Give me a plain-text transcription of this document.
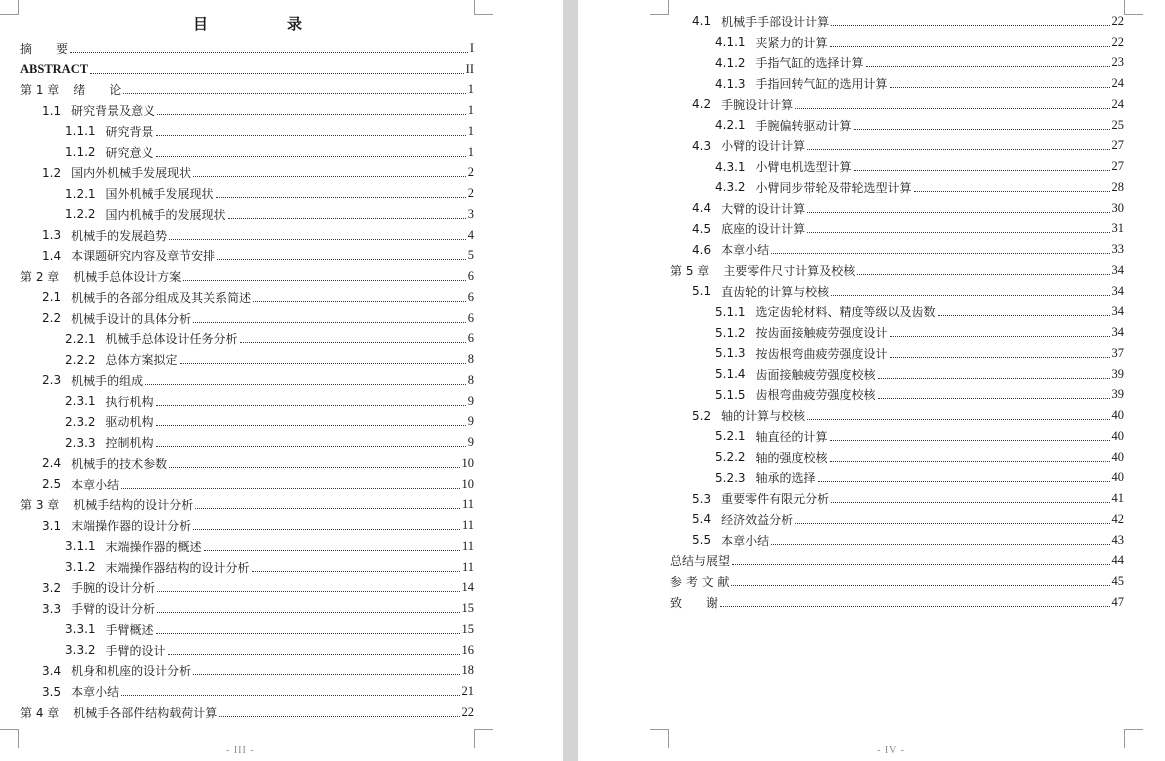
目　录
摘　　要	I
ABSTRACT	II
第 1 章 绪　　论	1
1.1 研究背景及意义	1
1.1.1 研究背景	1
1.1.2 研究意义	1
1.2 国内外机械手发展现状	2
1.2.1 国外机械手发展现状	2
1.2.2 国内机械手的发展现状	3
1.3 机械手的发展趋势	4
1.4 本课题研究内容及章节安排	5
第 2 章 机械手总体设计方案	6
2.1 机械手的各部分组成及其关系简述	6
2.2 机械手设计的具体分析	6
2.2.1 机械手总体设计任务分析	6
2.2.2 总体方案拟定	8
2.3 机械手的组成	8
2.3.1 执行机构	9
2.3.2 驱动机构	9
2.3.3 控制机构	9
2.4 机械手的技术参数	10
2.5 本章小结	10
第 3 章 机械手结构的设计分析	11
3.1 末端操作器的设计分析	11
3.1.1 末端操作器的概述	11
3.1.2 末端操作器结构的设计分析	11
3.2 手腕的设计分析	14
3.3 手臂的设计分析	15
3.3.1 手臂概述	15
3.3.2 手臂的设计	16
3.4 机身和机座的设计分析	18
3.5 本章小结	21
第 4 章 机械手各部件结构载荷计算	22
- III -
4.1 机械手手部设计计算	22
4.1.1 夹紧力的计算	22
4.1.2 手指气缸的选择计算	23
4.1.3 手指回转气缸的选用计算	24
4.2 手腕设计计算	24
4.2.1 手腕偏转驱动计算	25
4.3 小臂的设计计算	27
4.3.1 小臂电机选型计算	27
4.3.2 小臂同步带轮及带轮选型计算	28
4.4 大臂的设计计算	30
4.5 底座的设计计算	31
4.6 本章小结	33
第 5 章 主要零件尺寸计算及校核	34
5.1 直齿轮的计算与校核	34
5.1.1 选定齿轮材料、精度等级以及齿数	34
5.1.2 按齿面接触疲劳强度设计	34
5.1.3 按齿根弯曲疲劳强度设计	37
5.1.4 齿面接触疲劳强度校核	39
5.1.5 齿根弯曲疲劳强度校核	39
5.2 轴的计算与校核	40
5.2.1 轴直径的计算	40
5.2.2 轴的强度校核	40
5.2.3 轴承的选择	40
5.3 重要零件有限元分析	41
5.4 经济效益分析	42
5.5 本章小结	43
总结与展望	44
参 考 文 献	45
致　　谢	47
- IV -
